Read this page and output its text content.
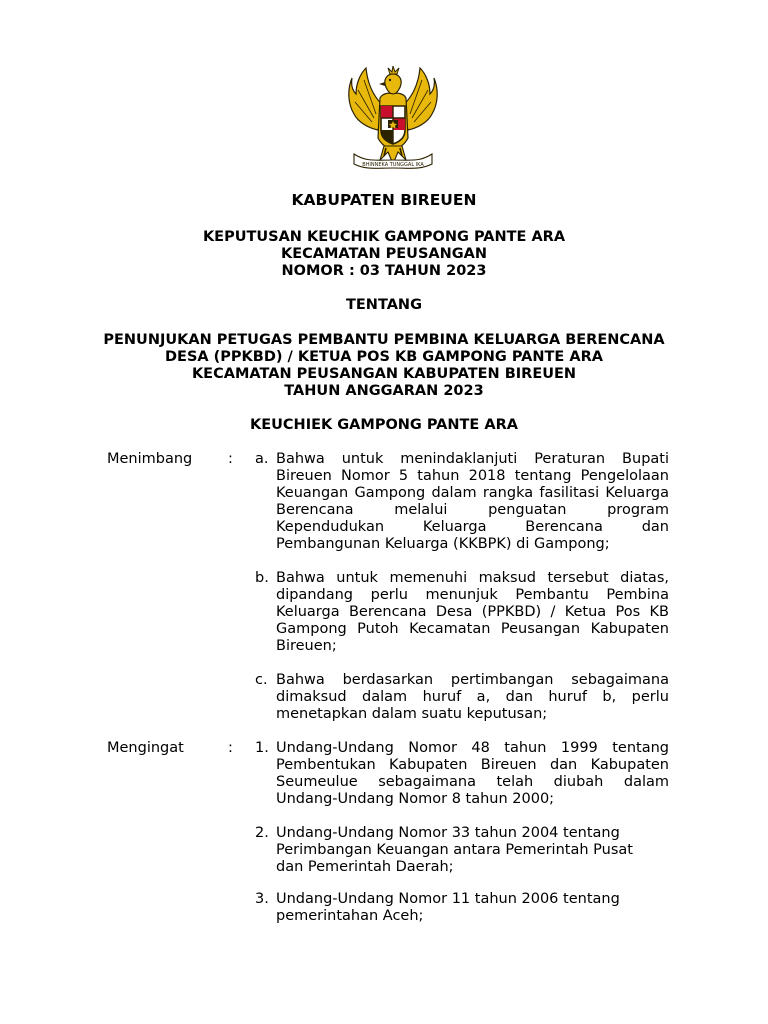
BHINNEKA TUNGGAL IKA
KABUPATEN BIREUEN
KEPUTUSAN KEUCHIK GAMPONG PANTE ARA
KECAMATAN PEUSANGAN
NOMOR : 03 TAHUN 2023
TENTANG
PENUNJUKAN PETUGAS PEMBANTU PEMBINA KELUARGA BERENCANA
DESA (PPKBD) / KETUA POS KB GAMPONG PANTE ARA
KECAMATAN PEUSANGAN KABUPATEN BIREUEN
TAHUN ANGGARAN 2023
KEUCHIEK GAMPONG PANTE ARA
Menimbang : a. Bahwa untuk menindaklanjuti Peraturan Bupati Bireuen Nomor 5 tahun 2018 tentang Pengelolaan Keuangan Gampong dalam rangka fasilitasi Keluarga Berencana melalui penguatan program Kependudukan Keluarga Berencana dan Pembangunan Keluarga (KKBPK) di Gampong;
b. Bahwa untuk memenuhi maksud tersebut diatas, dipandang perlu menunjuk Pembantu Pembina Keluarga Berencana Desa (PPKBD) / Ketua Pos KB Gampong Putoh Kecamatan Peusangan Kabupaten Bireuen;
c. Bahwa berdasarkan pertimbangan sebagaimana dimaksud dalam huruf a, dan huruf b, perlu menetapkan dalam suatu keputusan;
Mengingat	: 1. Undang-Undang Nomor 48 tahun 1999 tentang Pembentukan Kabupaten Bireuen dan Kabupaten Seumeulue sebagaimana telah diubah dalam Undang-Undang Nomor 8 tahun 2000;
2. Undang-Undang Nomor 33 tahun 2004 tentang Perimbangan Keuangan antara Pemerintah Pusat dan Pemerintah Daerah;
3. Undang-Undang Nomor 11 tahun 2006 tentang pemerintahan Aceh;
